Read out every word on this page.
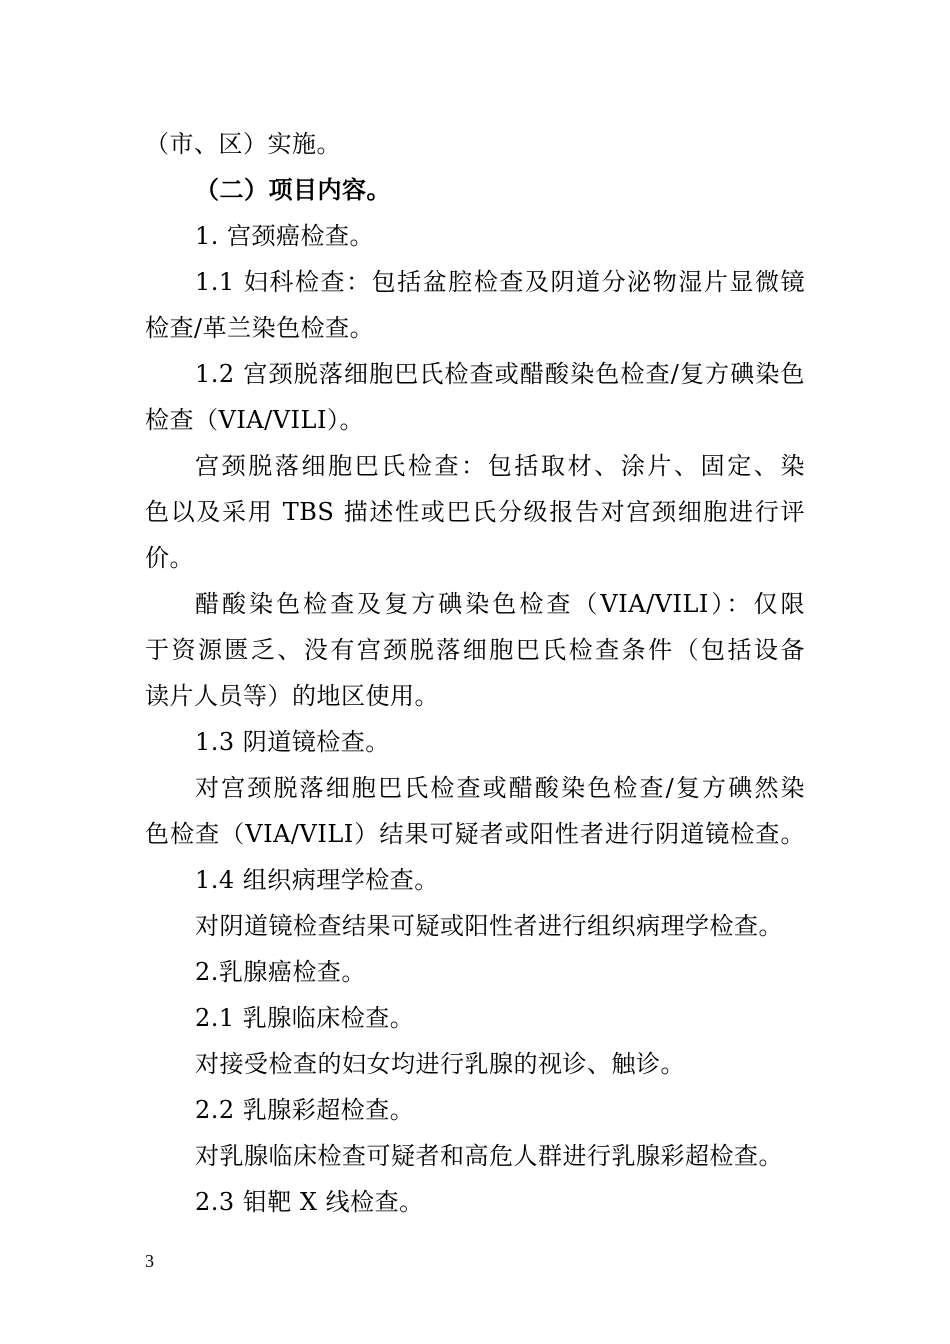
（市、区）实施。
（二）项目内容。
1. 宫颈癌检查。
1.1 妇科检查：包括盆腔检查及阴道分泌物湿片显微镜
检查/革兰染色检查。
1.2 宫颈脱落细胞巴氏检查或醋酸染色检查/复方碘染色
检查（VIA/VILI）。
宫颈脱落细胞巴氏检查：包括取材、涂片、固定、染
色以及采用 TBS 描述性或巴氏分级报告对宫颈细胞进行评
价。
醋酸染色检查及复方碘染色检查（VIA/VILI）：仅限
于资源匮乏、没有宫颈脱落细胞巴氏检查条件（包括设备
读片人员等）的地区使用。
1.3 阴道镜检查。
对宫颈脱落细胞巴氏检查或醋酸染色检查/复方碘然染
色检查（VIA/VILI）结果可疑者或阳性者进行阴道镜检查。
1.4 组织病理学检查。
对阴道镜检查结果可疑或阳性者进行组织病理学检查。
2.乳腺癌检查。
2.1 乳腺临床检查。
对接受检查的妇女均进行乳腺的视诊、触诊。
2.2 乳腺彩超检查。
对乳腺临床检查可疑者和高危人群进行乳腺彩超检查。
2.3 钼靶 X 线检查。
3
